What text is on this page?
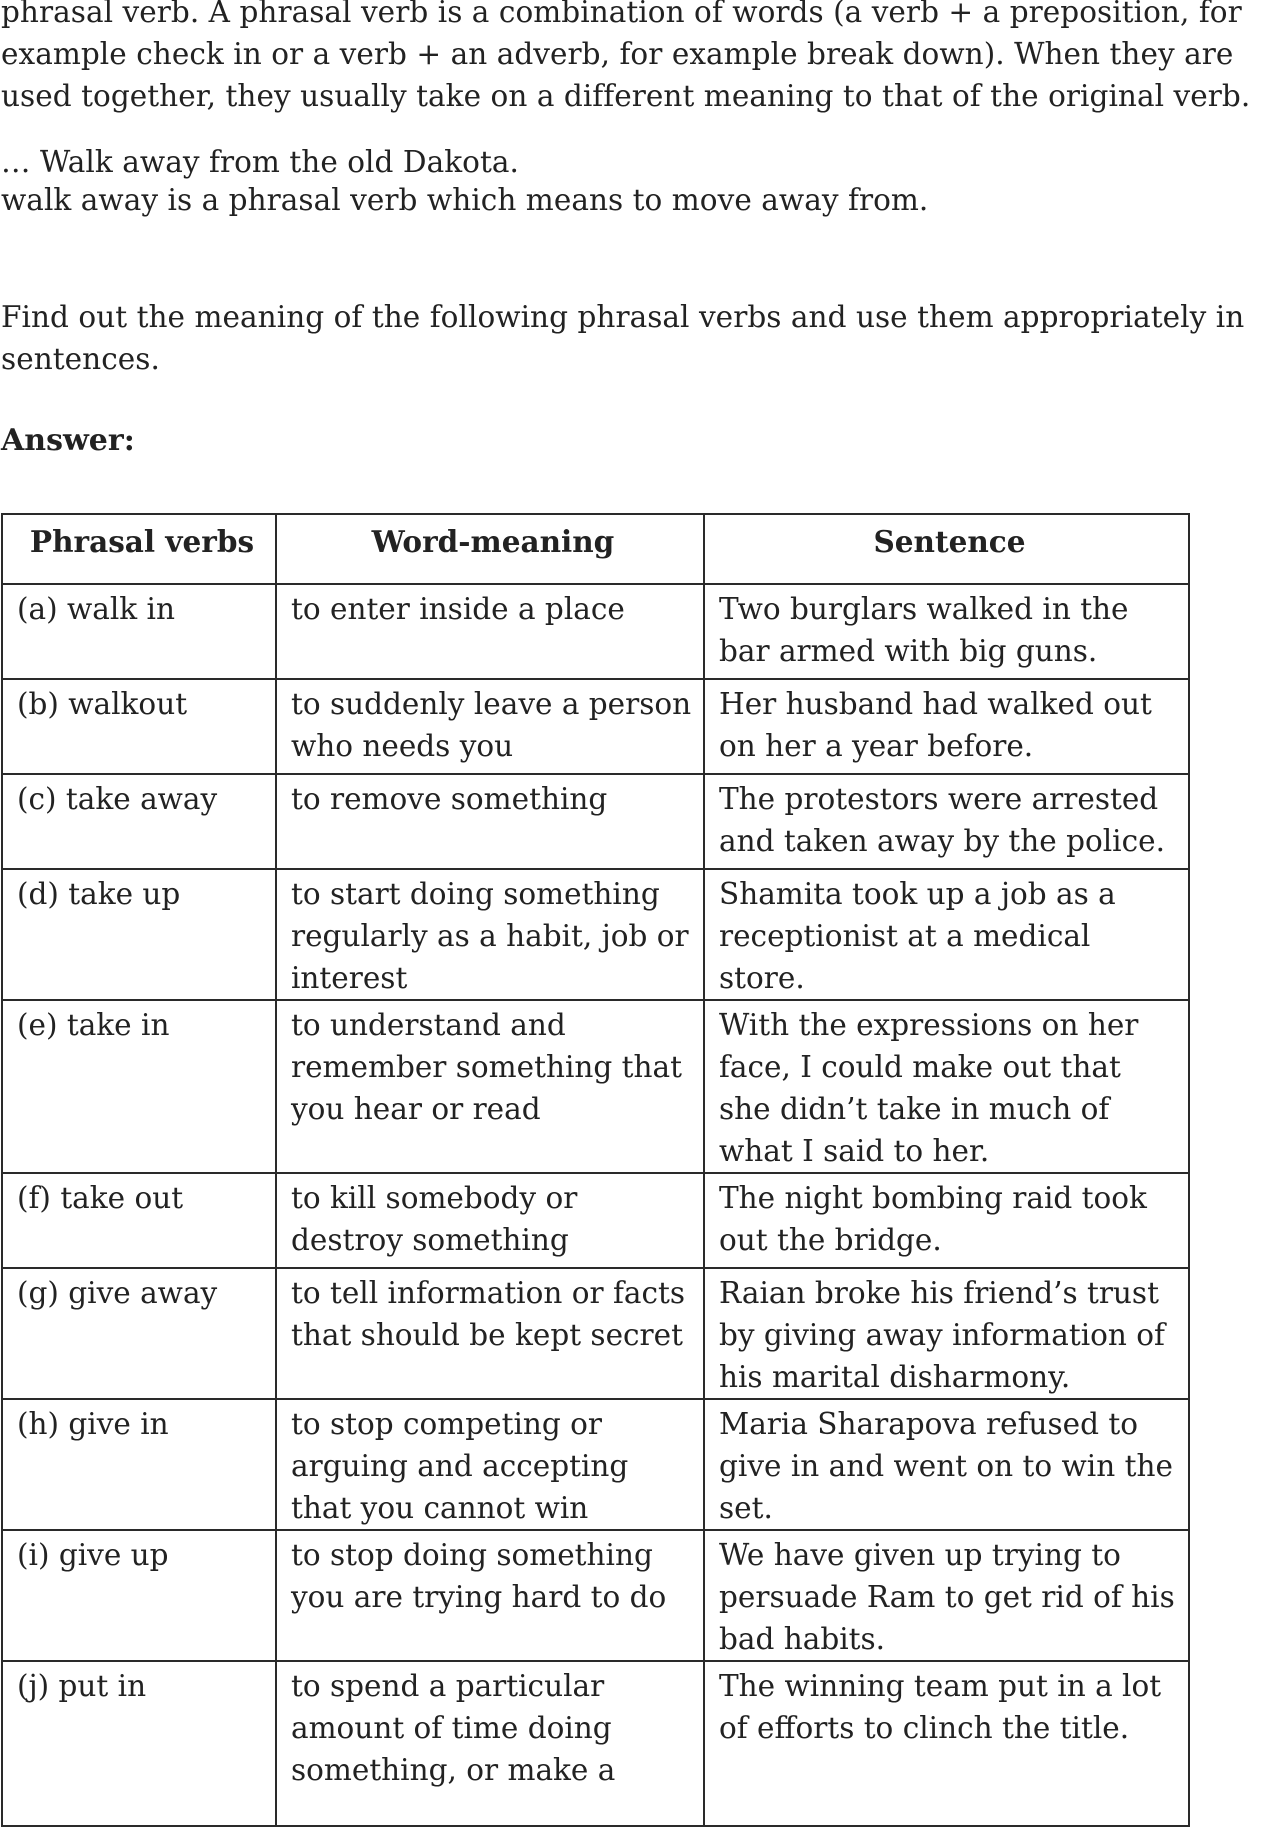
phrasal verb. A phrasal verb is a combination of words (a verb + a preposition, for example check in or a verb + an adverb, for example break down). When they are used together, they usually take on a different meaning to that of the original verb.

… Walk away from the old Dakota.

walk away is a phrasal verb which means to move away from.

Find out the meaning of the following phrasal verbs and use them appropriately in sentences.

Answer:

Phrasal verbs	Word-meaning	Sentence
(a) walk in	to enter inside a place	Two burglars walked in the bar armed with big guns.
(b) walkout	to suddenly leave a person who needs you	Her husband had walked out on her a year before.
(c) take away	to remove something	The protestors were arrested and taken away by the police.
(d) take up	to start doing something regularly as a habit, job or interest	Shamita took up a job as a receptionist at a medical store.
(e) take in	to understand and remember something that you hear or read	With the expressions on her face, I could make out that she didn’t take in much of what I said to her.
(f) take out	to kill somebody or destroy something	The night bombing raid took out the bridge.
(g) give away	to tell information or facts that should be kept secret	Raian broke his friend’s trust by giving away information of his marital disharmony.
(h) give in	to stop competing or arguing and accepting that you cannot win	Maria Sharapova refused to give in and went on to win the set.
(i) give up	to stop doing something you are trying hard to do	We have given up trying to persuade Ram to get rid of his bad habits.
(j) put in	to spend a particular amount of time doing something, or make a	The winning team put in a lot of efforts to clinch the title.
